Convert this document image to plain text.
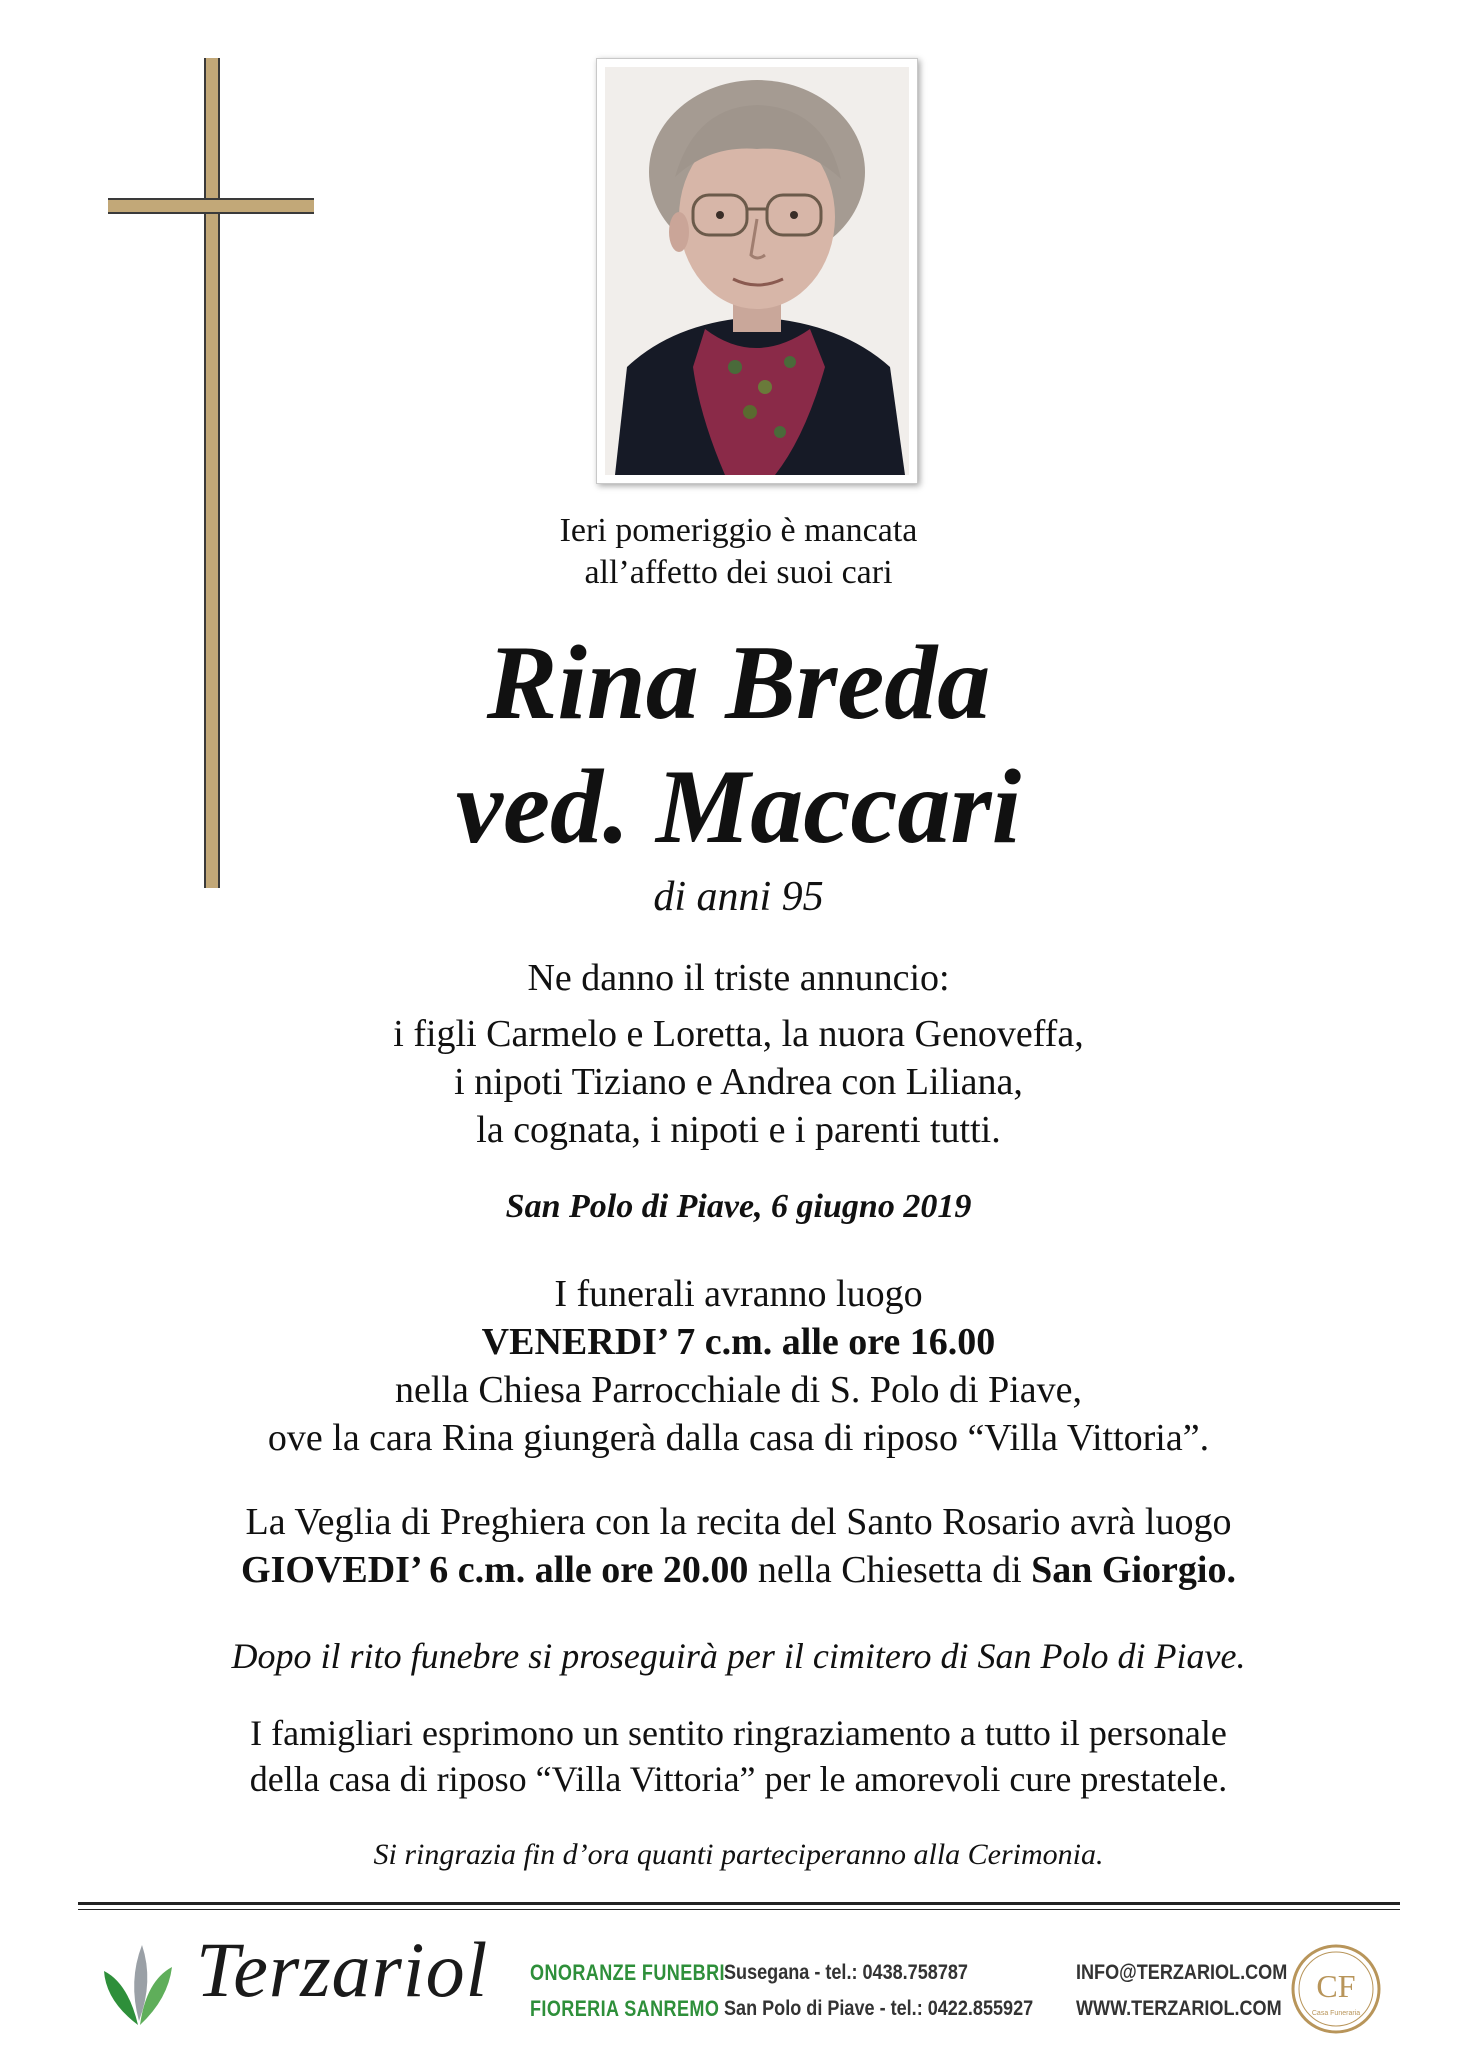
Ieri pomeriggio è mancata
all’affetto dei suoi cari
Rina Breda
ved. Maccari
di anni 95
Ne danno il triste annuncio:
i figli Carmelo e Loretta, la nuora Genoveffa,
i nipoti Tiziano e Andrea con Liliana,
la cognata, i nipoti e i parenti tutti.
San Polo di Piave, 6 giugno 2019
I funerali avranno luogo
VENERDI’ 7 c.m. alle ore 16.00
nella Chiesa Parrocchiale di S. Polo di Piave,
ove la cara Rina giungerà dalla casa di riposo “Villa Vittoria”.
La Veglia di Preghiera con la recita del Santo Rosario avrà luogo
GIOVEDI’ 6 c.m. alle ore 20.00 nella Chiesetta di San Giorgio.
Dopo il rito funebre si proseguirà per il cimitero di San Polo di Piave.
I famigliari esprimono un sentito ringraziamento a tutto il personale
della casa di riposo “Villa Vittoria” per le amorevoli cure prestatele.
Si ringrazia fin d’ora quanti parteciperanno alla Cerimonia.
Terzariol ONORANZE FUNEBRI
FIORERIA SANREMO
Susegana - tel.: 0438.758787
San Polo di Piave - tel.: 0422.855927
INFO@TERZARIOL.COM
WWW.TERZARIOL.COM
CF
Casa Funeraria
